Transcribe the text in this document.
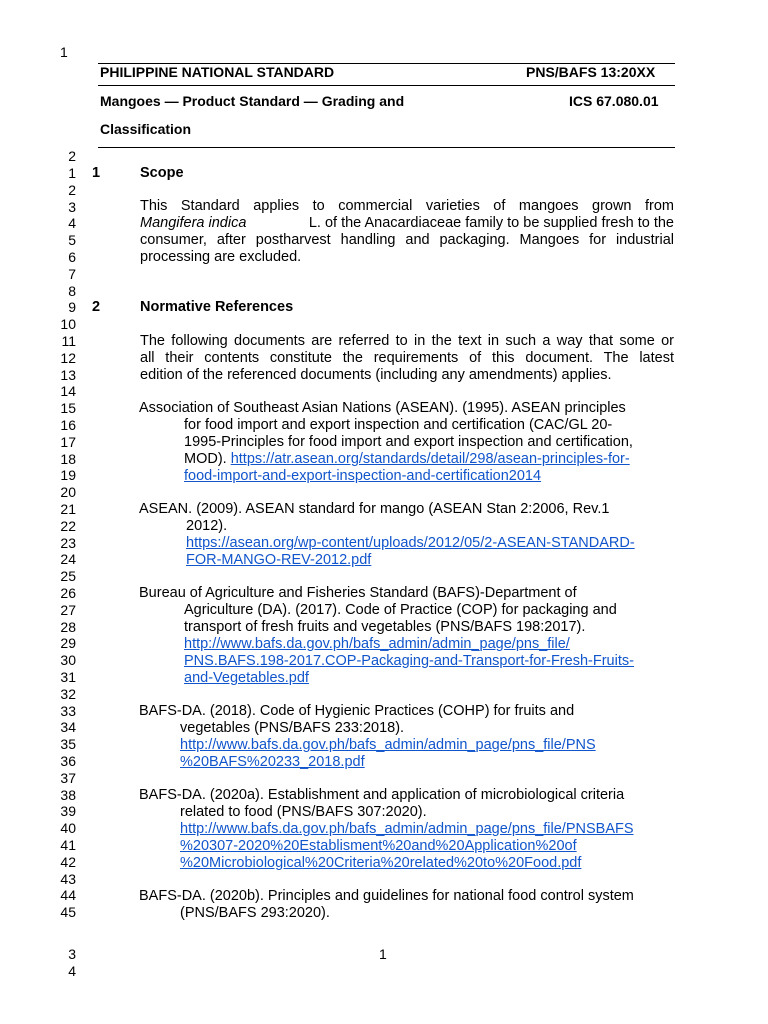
1
PHILIPPINE NATIONAL STANDARD	PNS/BAFS 13:20XX
Mangoes — Product Standard — Grading and	ICS 67.080.01
Classification
2
1
2
3
4
5
6
7
8
9
10
11
12
13
14
15
16
17
18
19
20
21
22
23
24
25
26
27
28
29
30
31
32
33
34
35
36
37
38
39
40
41
42
43
44
45
3
4
1	Scope
This Standard applies to commercial varieties of mangoes grown from
Mangifera indica	L. of the Anacardiaceae family to be supplied fresh to the
consumer, after postharvest handling and packaging. Mangoes for industrial
processing are excluded.
2	Normative References
The following documents are referred to in the text in such a way that some or
all their contents constitute the requirements of this document. The latest
edition of the referenced documents (including any amendments) applies.
Association of Southeast Asian Nations (ASEAN). (1995). ASEAN principles
for food import and export inspection and certification (CAC/GL 20-
1995-Principles for food import and export inspection and certification,
MOD). https://atr.asean.org/standards/detail/298/asean-principles-for-
food-import-and-export-inspection-and-certification2014
ASEAN. (2009). ASEAN standard for mango (ASEAN Stan 2:2006, Rev.1
2012).
https://asean.org/wp-content/uploads/2012/05/2-ASEAN-STANDARD-
FOR-MANGO-REV-2012.pdf
Bureau of Agriculture and Fisheries Standard (BAFS)-Department of
Agriculture (DA). (2017). Code of Practice (COP) for packaging and
transport of fresh fruits and vegetables (PNS/BAFS 198:2017).
http://www.bafs.da.gov.ph/bafs_admin/admin_page/pns_file/
PNS.BAFS.198-2017.COP-Packaging-and-Transport-for-Fresh-Fruits-
and-Vegetables.pdf
BAFS-DA. (2018). Code of Hygienic Practices (COHP) for fruits and
vegetables (PNS/BAFS 233:2018).
http://www.bafs.da.gov.ph/bafs_admin/admin_page/pns_file/PNS
%20BAFS%20233_2018.pdf
BAFS-DA. (2020a). Establishment and application of microbiological criteria
related to food (PNS/BAFS 307:2020).
http://www.bafs.da.gov.ph/bafs_admin/admin_page/pns_file/PNSBAFS
%20307-2020%20Establisment%20and%20Application%20of
%20Microbiological%20Criteria%20related%20to%20Food.pdf
BAFS-DA. (2020b). Principles and guidelines for national food control system
(PNS/BAFS 293:2020).
1
